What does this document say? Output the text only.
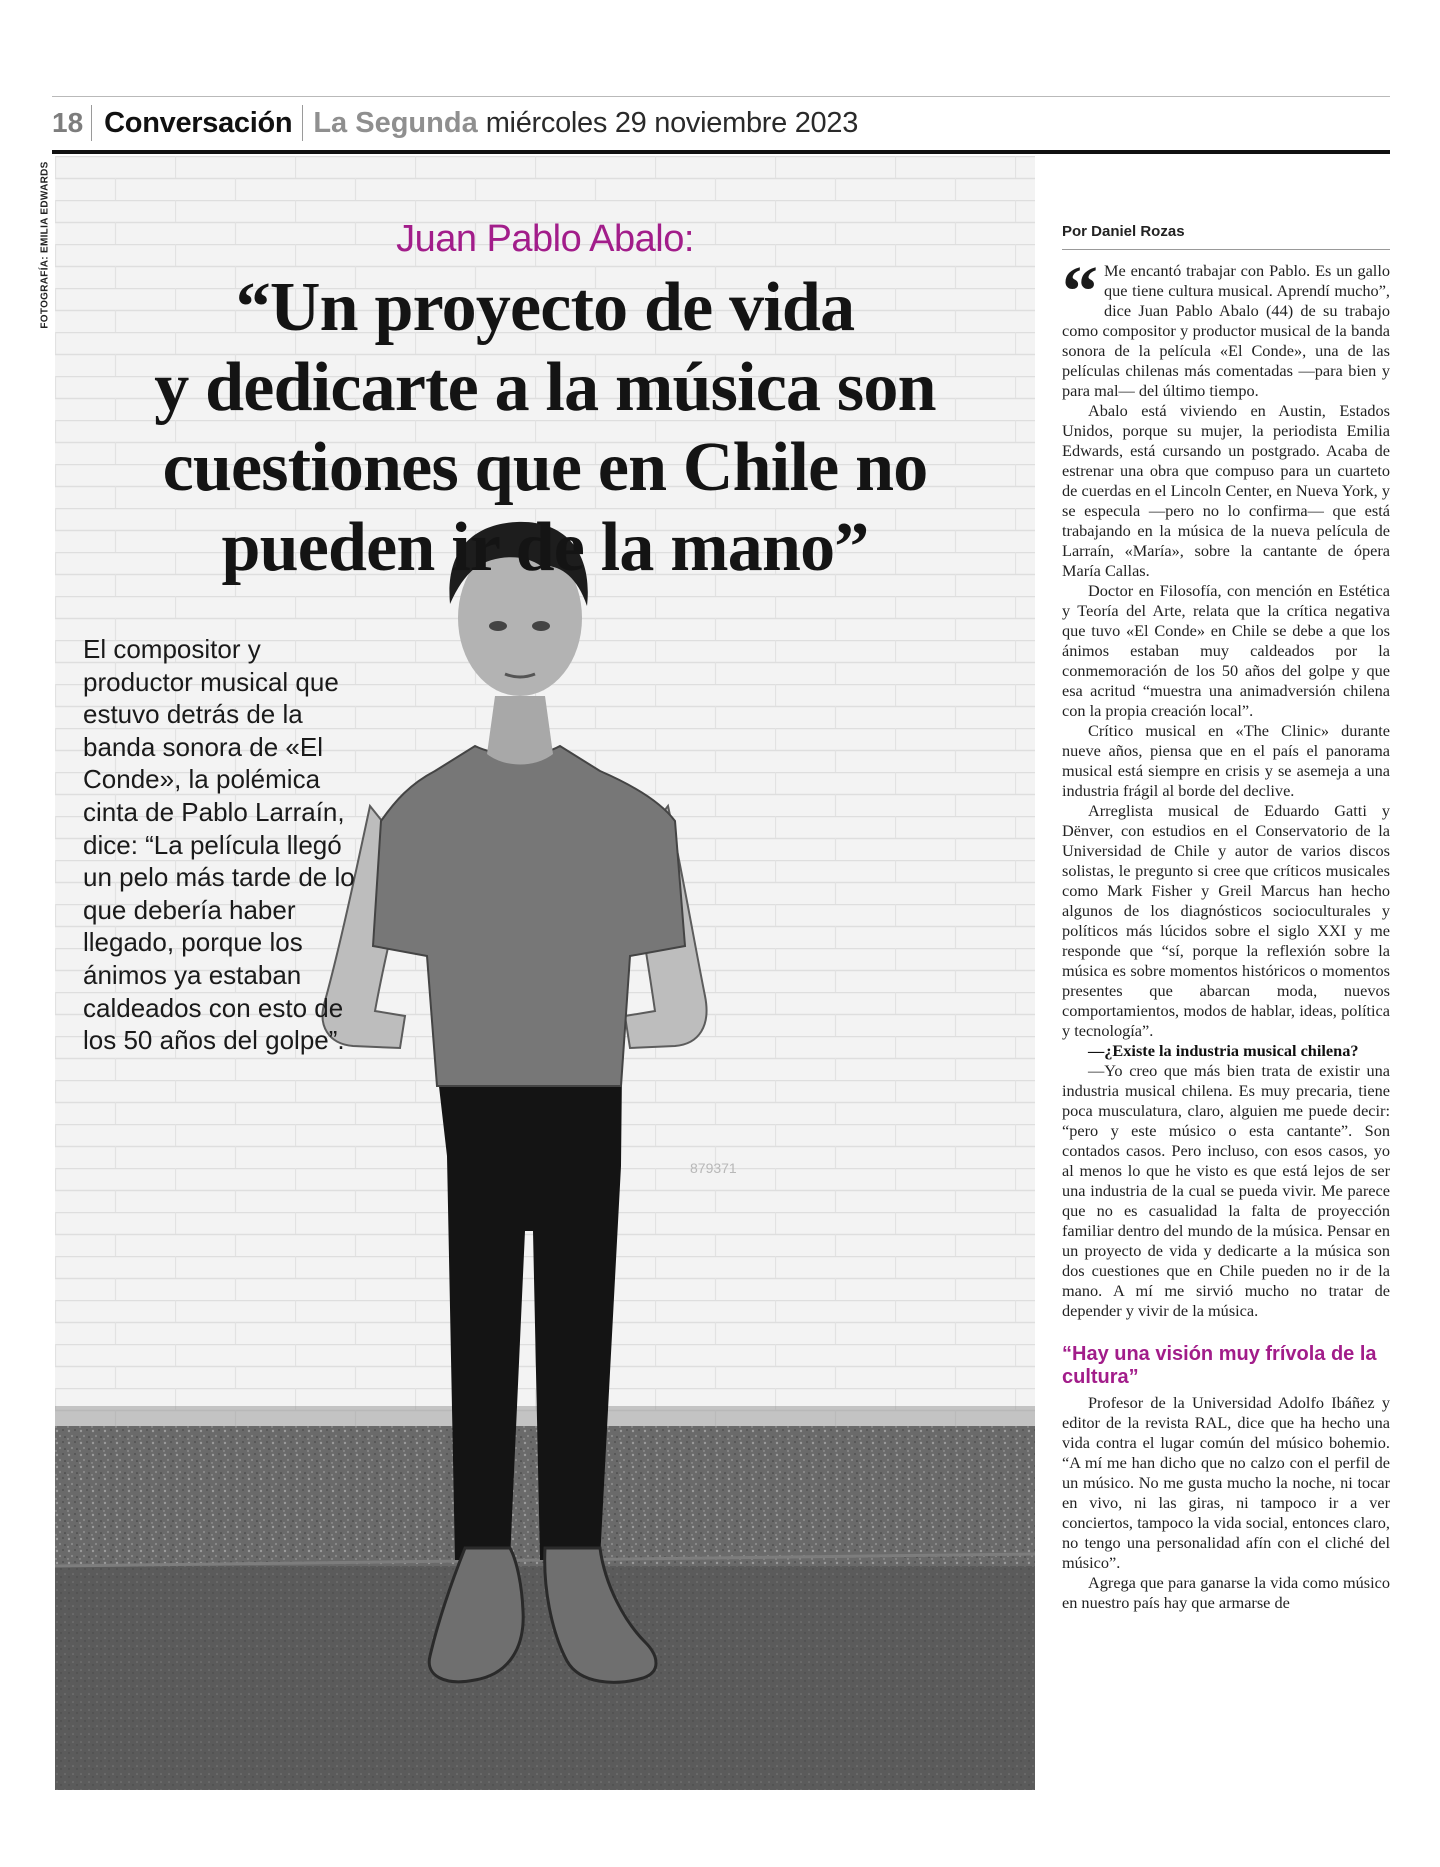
18 Conversación La Segunda miércoles 29 noviembre 2023
FOTOGRAFÍA: EMILIA EDWARDS	Juan Pablo Abalo:
“Un proyecto de vida
y dedicarte a la música son
cuestiones que en Chile no
pueden ir de la mano”
El compositor y
productor musical que
estuvo detrás de la
banda sonora de «El
Conde», la polémica
cinta de Pablo Larraín,
dice: “La película llegó
un pelo más tarde de lo
que debería haber
llegado, porque los
ánimos ya estaban
caldeados con esto de
los 50 años del golpe”.
879371
Por Daniel Rozas

“ Me encantó trabajar con Pablo. Es un gallo que tiene cultura musical. Aprendí mucho”, dice Juan Pablo Abalo (44) de su trabajo como compositor y productor musical de la banda sonora de la película «El Conde», una de las películas chilenas más comentadas —para bien y para mal— del último tiempo.

Abalo está viviendo en Austin, Estados Unidos, porque su mujer, la periodista Emilia Edwards, está cursando un postgrado. Acaba de estrenar una obra que compuso para un cuarteto de cuerdas en el Lincoln Center, en Nueva York, y se especula —pero no lo confirma— que está trabajando en la música de la nueva película de Larraín, «María», sobre la cantante de ópera María Callas.

Doctor en Filosofía, con mención en Estética y Teoría del Arte, relata que la crítica negativa que tuvo «El Conde» en Chile se debe a que los ánimos estaban muy caldeados por la conmemoración de los 50 años del golpe y que esa acritud “muestra una animadversión chilena con la propia creación local”.

Crítico musical en «The Clinic» durante nueve años, piensa que en el país el panorama musical está siempre en crisis y se asemeja a una industria frágil al borde del declive.

Arreglista musical de Eduardo Gatti y Dënver, con estudios en el Conservatorio de la Universidad de Chile y autor de varios discos solistas, le pregunto si cree que críticos musicales como Mark Fisher y Greil Marcus han hecho algunos de los diagnósticos socioculturales y políticos más lúcidos sobre el siglo XXI y me responde que “sí, porque la reflexión sobre la música es sobre momentos históricos o momentos presentes que abarcan moda, nuevos comportamientos, modos de hablar, ideas, política y tecnología”.

—¿Existe la industria musical chilena?

—Yo creo que más bien trata de existir una industria musical chilena. Es muy precaria, tiene poca musculatura, claro, alguien me puede decir: “pero y este músico o esta cantante”. Son contados casos. Pero incluso, con esos casos, yo al menos lo que he visto es que está lejos de ser una industria de la cual se pueda vivir. Me parece que no es casualidad la falta de proyección familiar dentro del mundo de la música. Pensar en un proyecto de vida y dedicarte a la música son dos cuestiones que en Chile pueden no ir de la mano. A mí me sirvió mucho no tratar de depender y vivir de la música.

“Hay una visión muy frívola de la cultura”

Profesor de la Universidad Adolfo Ibáñez y editor de la revista RAL, dice que ha hecho una vida contra el lugar común del músico bohemio. “A mí me han dicho que no calzo con el perfil de un músico. No me gusta mucho la noche, ni tocar en vivo, ni las giras, ni tampoco ir a ver conciertos, tampoco la vida social, entonces claro, no tengo una personalidad afín con el cliché del músico”.

Agrega que para ganarse la vida como músico en nuestro país hay que armarse de
